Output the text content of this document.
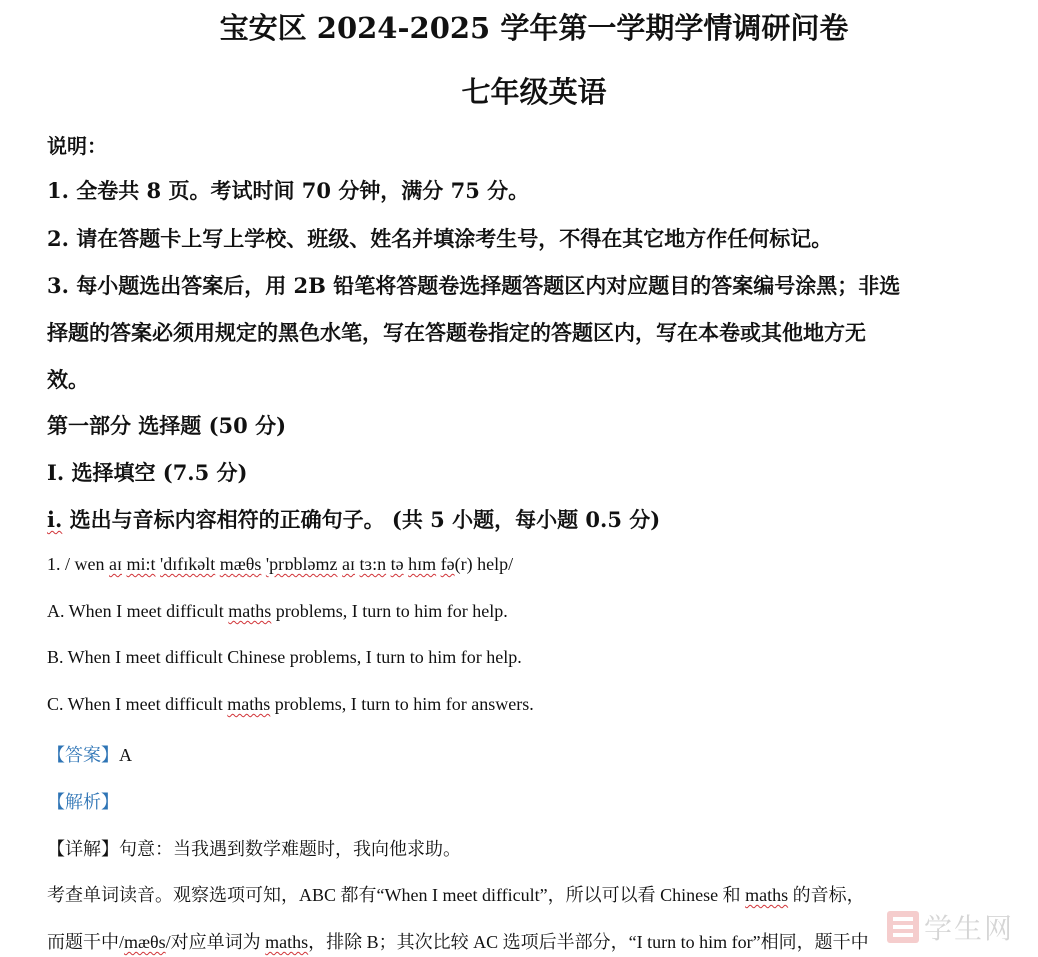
宝安区 2024-2025 学年第一学期学情调研问卷
七年级英语
说明：
1. 全卷共 8 页。考试时间 70 分钟，满分 75 分。
2. 请在答题卡上写上学校、班级、姓名并填涂考生号，不得在其它地方作任何标记。
3. 每小题选出答案后，用 2B 铅笔将答题卷选择题答题区内对应题目的答案编号涂黑；非选
择题的答案必须用规定的黑色水笔，写在答题卷指定的答题区内，写在本卷或其他地方无
效。
第一部分 选择题 (50 分)
I. 选择填空 (7.5 分)
i. 选出与音标内容相符的正确句子。 (共 5 小题，每小题 0.5 分)
1. / wen aɪ mi:t 'dɪfɪkəlt mæθs 'prɒbləmz aɪ tɜ:n tə hɪm fə(r) help/
A. When I meet difficult maths problems, I turn to him for help.
B. When I meet difficult Chinese problems, I turn to him for help.
C. When I meet difficult maths problems, I turn to him for answers.
【答案】A
【解析】
【详解】句意：当我遇到数学难题时，我向他求助。
考查单词读音。观察选项可知，ABC 都有“When I meet difficult”，所以可以看 Chinese 和 maths 的音标，
而题干中/mæθs/对应单词为 maths，排除 B；其次比较 AC 选项后半部分，“I turn to him for”相同，题干中 学生网
